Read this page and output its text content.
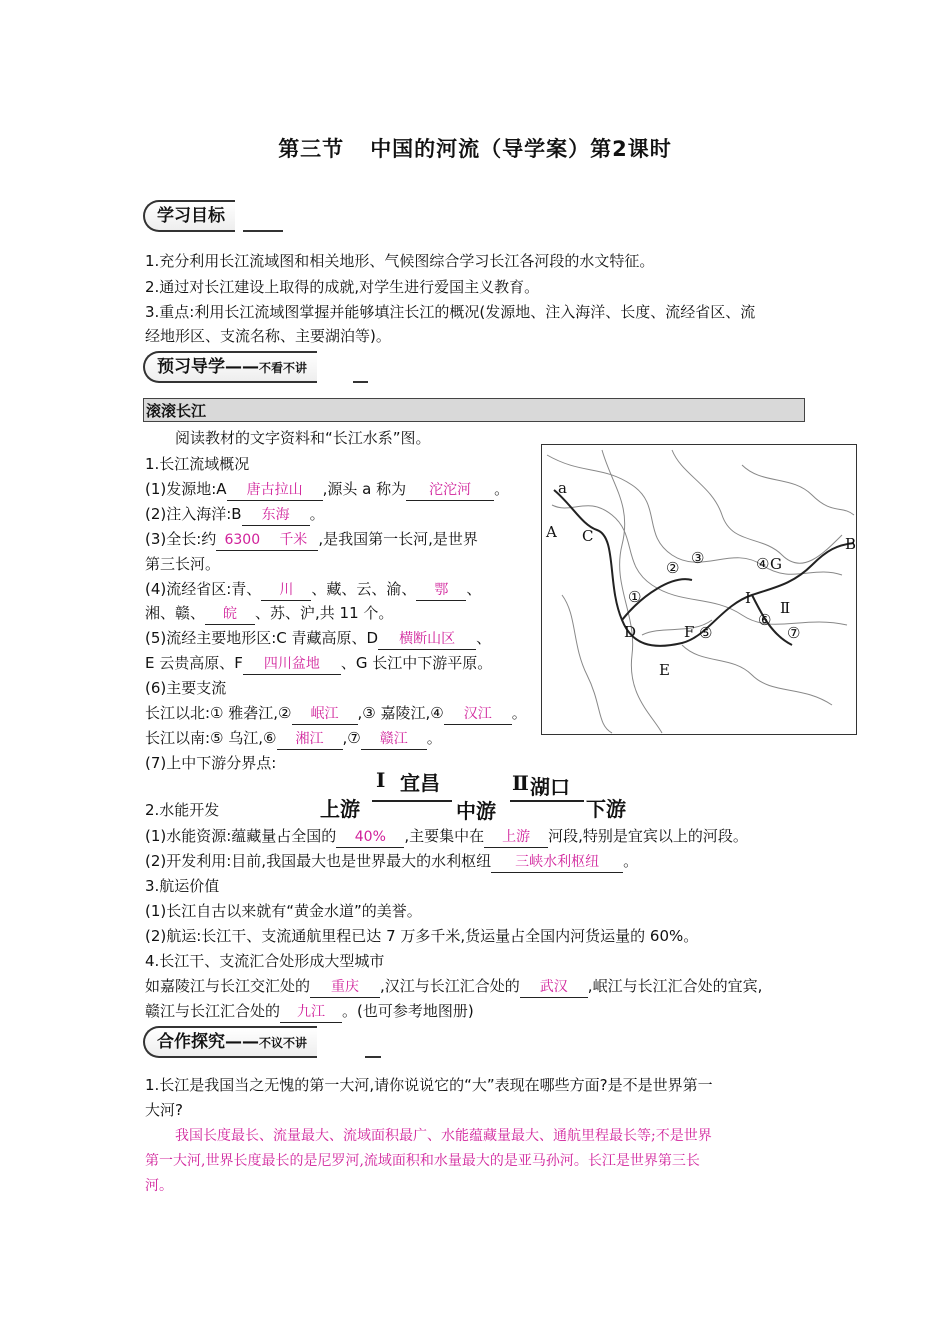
第三节 中国的河流（导学案）第2课时
学习目标
1.充分利用长江流域图和相关地形、气候图综合学习长江各河段的水文特征。
2.通过对长江建设上取得的成就,对学生进行爱国主义教育。
3.重点:利用长江流域图掌握并能够填注长江的概况(发源地、注入海洋、长度、流经省区、流
经地形区、支流名称、主要湖泊等)。
预习导学——不看不讲
滚滚长江
阅读教材的文字资料和“长江水系”图。
1.长江流域概况
(1)发源地:A 唐古拉山 ,源头 a 称为 沱沱河 。
(2)注入海洋:B 东海 。
(3)全长:约 6300 千米 ,是我国第一长河,是世界
第三长河。
(4)流经省区:青、 川 、藏、云、渝、 鄂 、
湘、赣、 皖 、苏、沪,共 11 个。
(5)流经主要地形区:C 青藏高原、D 横断山区 、
E 云贵高原、F 四川盆地 、G 长江中下游平原。
(6)主要支流
长江以北:① 雅砻江,② 岷江 ,③ 嘉陵江,④ 汉江 。
长江以南:⑤ 乌江,⑥ 湘江 ,⑦ 赣江 。
(7)上中下游分界点:
a
A C	B
D
E
F
G
①
②
③	④
⑤
⑥
⑦
Ⅰ
Ⅱ
Ⅰ 宜昌	Ⅱ 湖口
上游	中游	下游
2.水能开发
(1)水能资源:蕴藏量占全国的 40% ,主要集中在 上游 河段,特别是宜宾以上的河段。
(2)开发利用:目前,我国最大也是世界最大的水利枢纽 三峡水利枢纽 。
3.航运价值
(1)长江自古以来就有“黄金水道”的美誉。
(2)航运:长江干、支流通航里程已达 7 万多千米,货运量占全国内河货运量的 60%。
4.长江干、支流汇合处形成大型城市
如嘉陵江与长江交汇处的 重庆 ,汉江与长江汇合处的 武汉 ,岷江与长江汇合处的宜宾,
赣江与长江汇合处的 九江 。(也可参考地图册)
合作探究——不议不讲
1.长江是我国当之无愧的第一大河,请你说说它的“大”表现在哪些方面?是不是世界第一
大河?
我国长度最长、流量最大、流域面积最广、水能蕴藏量最大、通航里程最长等;不是世界
第一大河,世界长度最长的是尼罗河,流域面积和水量最大的是亚马孙河。长江是世界第三长
河。
